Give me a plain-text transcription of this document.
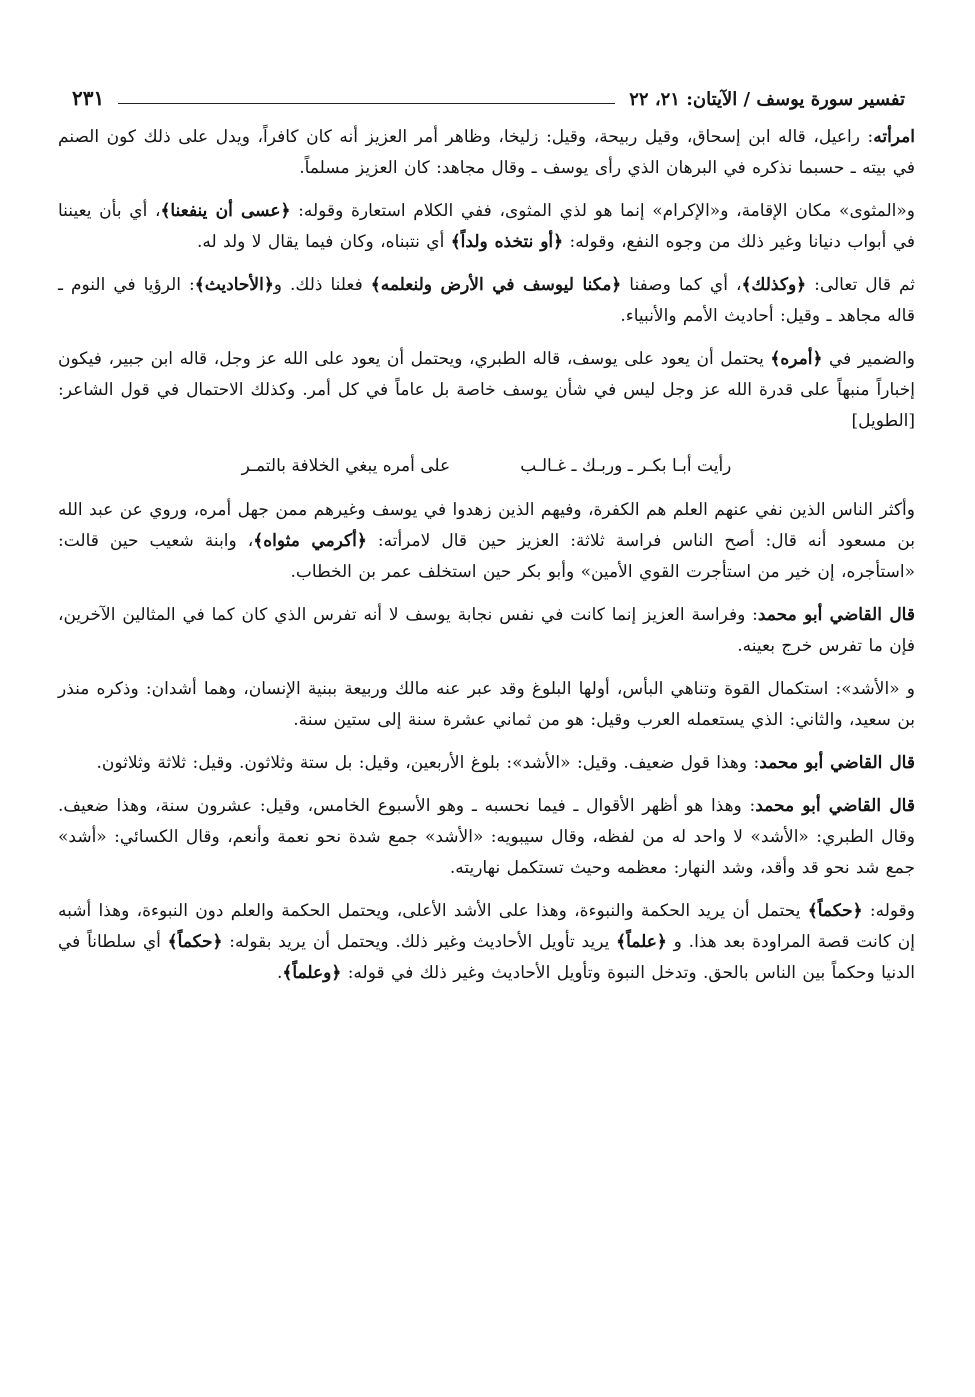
تفسير سورة يوسف / الآيتان: ٢١، ٢٢
٢٣١

امرأته: راعيل، قاله ابن إسحاق، وقيل ربيحة، وقيل: زليخا، وظاهر أمر العزيز أنه كان كافراً، ويدل على ذلك كون الصنم في بيته ـ حسبما نذكره في البرهان الذي رأى يوسف ـ وقال مجاهد: كان العزيز مسلماً.

و«المثوى» مكان الإقامة، و«الإكرام» إنما هو لذي المثوى، ففي الكلام استعارة وقوله: ﴿عسى أن ينفعنا﴾، أي بأن يعيننا في أبواب دنيانا وغير ذلك من وجوه النفع، وقوله: ﴿أو نتخذه ولداً﴾ أي نتبناه، وكان فيما يقال لا ولد له.

ثم قال تعالى: ﴿وكذلك﴾، أي كما وصفنا ﴿مكنا ليوسف في الأرض ولنعلمه﴾ فعلنا ذلك. و﴿الأحاديث﴾: الرؤيا في النوم ـ قاله مجاهد ـ وقيل: أحاديث الأمم والأنبياء.

والضمير في ﴿أمره﴾ يحتمل أن يعود على يوسف، قاله الطبري، ويحتمل أن يعود على الله عز وجل، قاله ابن جبير، فيكون إخباراً منبهاً على قدرة الله عز وجل ليس في شأن يوسف خاصة بل عاماً في كل أمر. وكذلك الاحتمال في قول الشاعر: [الطويل]

رأيت أبـا بكـر ـ وربـك ـ غـالـب
على أمره يبغي الخلافة بالتمـر

وأكثر الناس الذين نفي عنهم العلم هم الكفرة، وفيهم الذين زهدوا في يوسف وغيرهم ممن جهل أمره، وروي عن عبد الله بن مسعود أنه قال: أصح الناس فراسة ثلاثة: العزيز حين قال لامرأته: ﴿أكرمي مثواه﴾، وابنة شعيب حين قالت: «استأجره، إن خير من استأجرت القوي الأمين» وأبو بكر حين استخلف عمر بن الخطاب.

قال القاضي أبو محمد: وفراسة العزيز إنما كانت في نفس نجابة يوسف لا أنه تفرس الذي كان كما في المثالين الآخرين، فإن ما تفرس خرج بعينه.

و «الأشد»: استكمال القوة وتناهي البأس، أولها البلوغ وقد عبر عنه مالك وربيعة ببنية الإنسان، وهما أشدان: وذكره منذر بن سعيد، والثاني: الذي يستعمله العرب وقيل: هو من ثماني عشرة سنة إلى ستين سنة.

قال القاضي أبو محمد: وهذا قول ضعيف. وقيل: «الأشد»: بلوغ الأربعين، وقيل: بل ستة وثلاثون. وقيل: ثلاثة وثلاثون.

قال القاضي أبو محمد: وهذا هو أظهر الأقوال ـ فيما نحسبه ـ وهو الأسبوع الخامس، وقيل: عشرون سنة، وهذا ضعيف. وقال الطبري: «الأشد» لا واحد له من لفظه، وقال سيبويه: «الأشد» جمع شدة نحو نعمة وأنعم، وقال الكسائي: «أشد» جمع شد نحو قد وأقد، وشد النهار: معظمه وحيث تستكمل نهاريته.

وقوله: ﴿حكماً﴾ يحتمل أن يريد الحكمة والنبوءة، وهذا على الأشد الأعلى، ويحتمل الحكمة والعلم دون النبوءة، وهذا أشبه إن كانت قصة المراودة بعد هذا. و ﴿علماً﴾ يريد تأويل الأحاديث وغير ذلك. ويحتمل أن يريد بقوله: ﴿حكماً﴾ أي سلطاناً في الدنيا وحكماً بين الناس بالحق. وتدخل النبوة وتأويل الأحاديث وغير ذلك في قوله: ﴿وعلماً﴾.
